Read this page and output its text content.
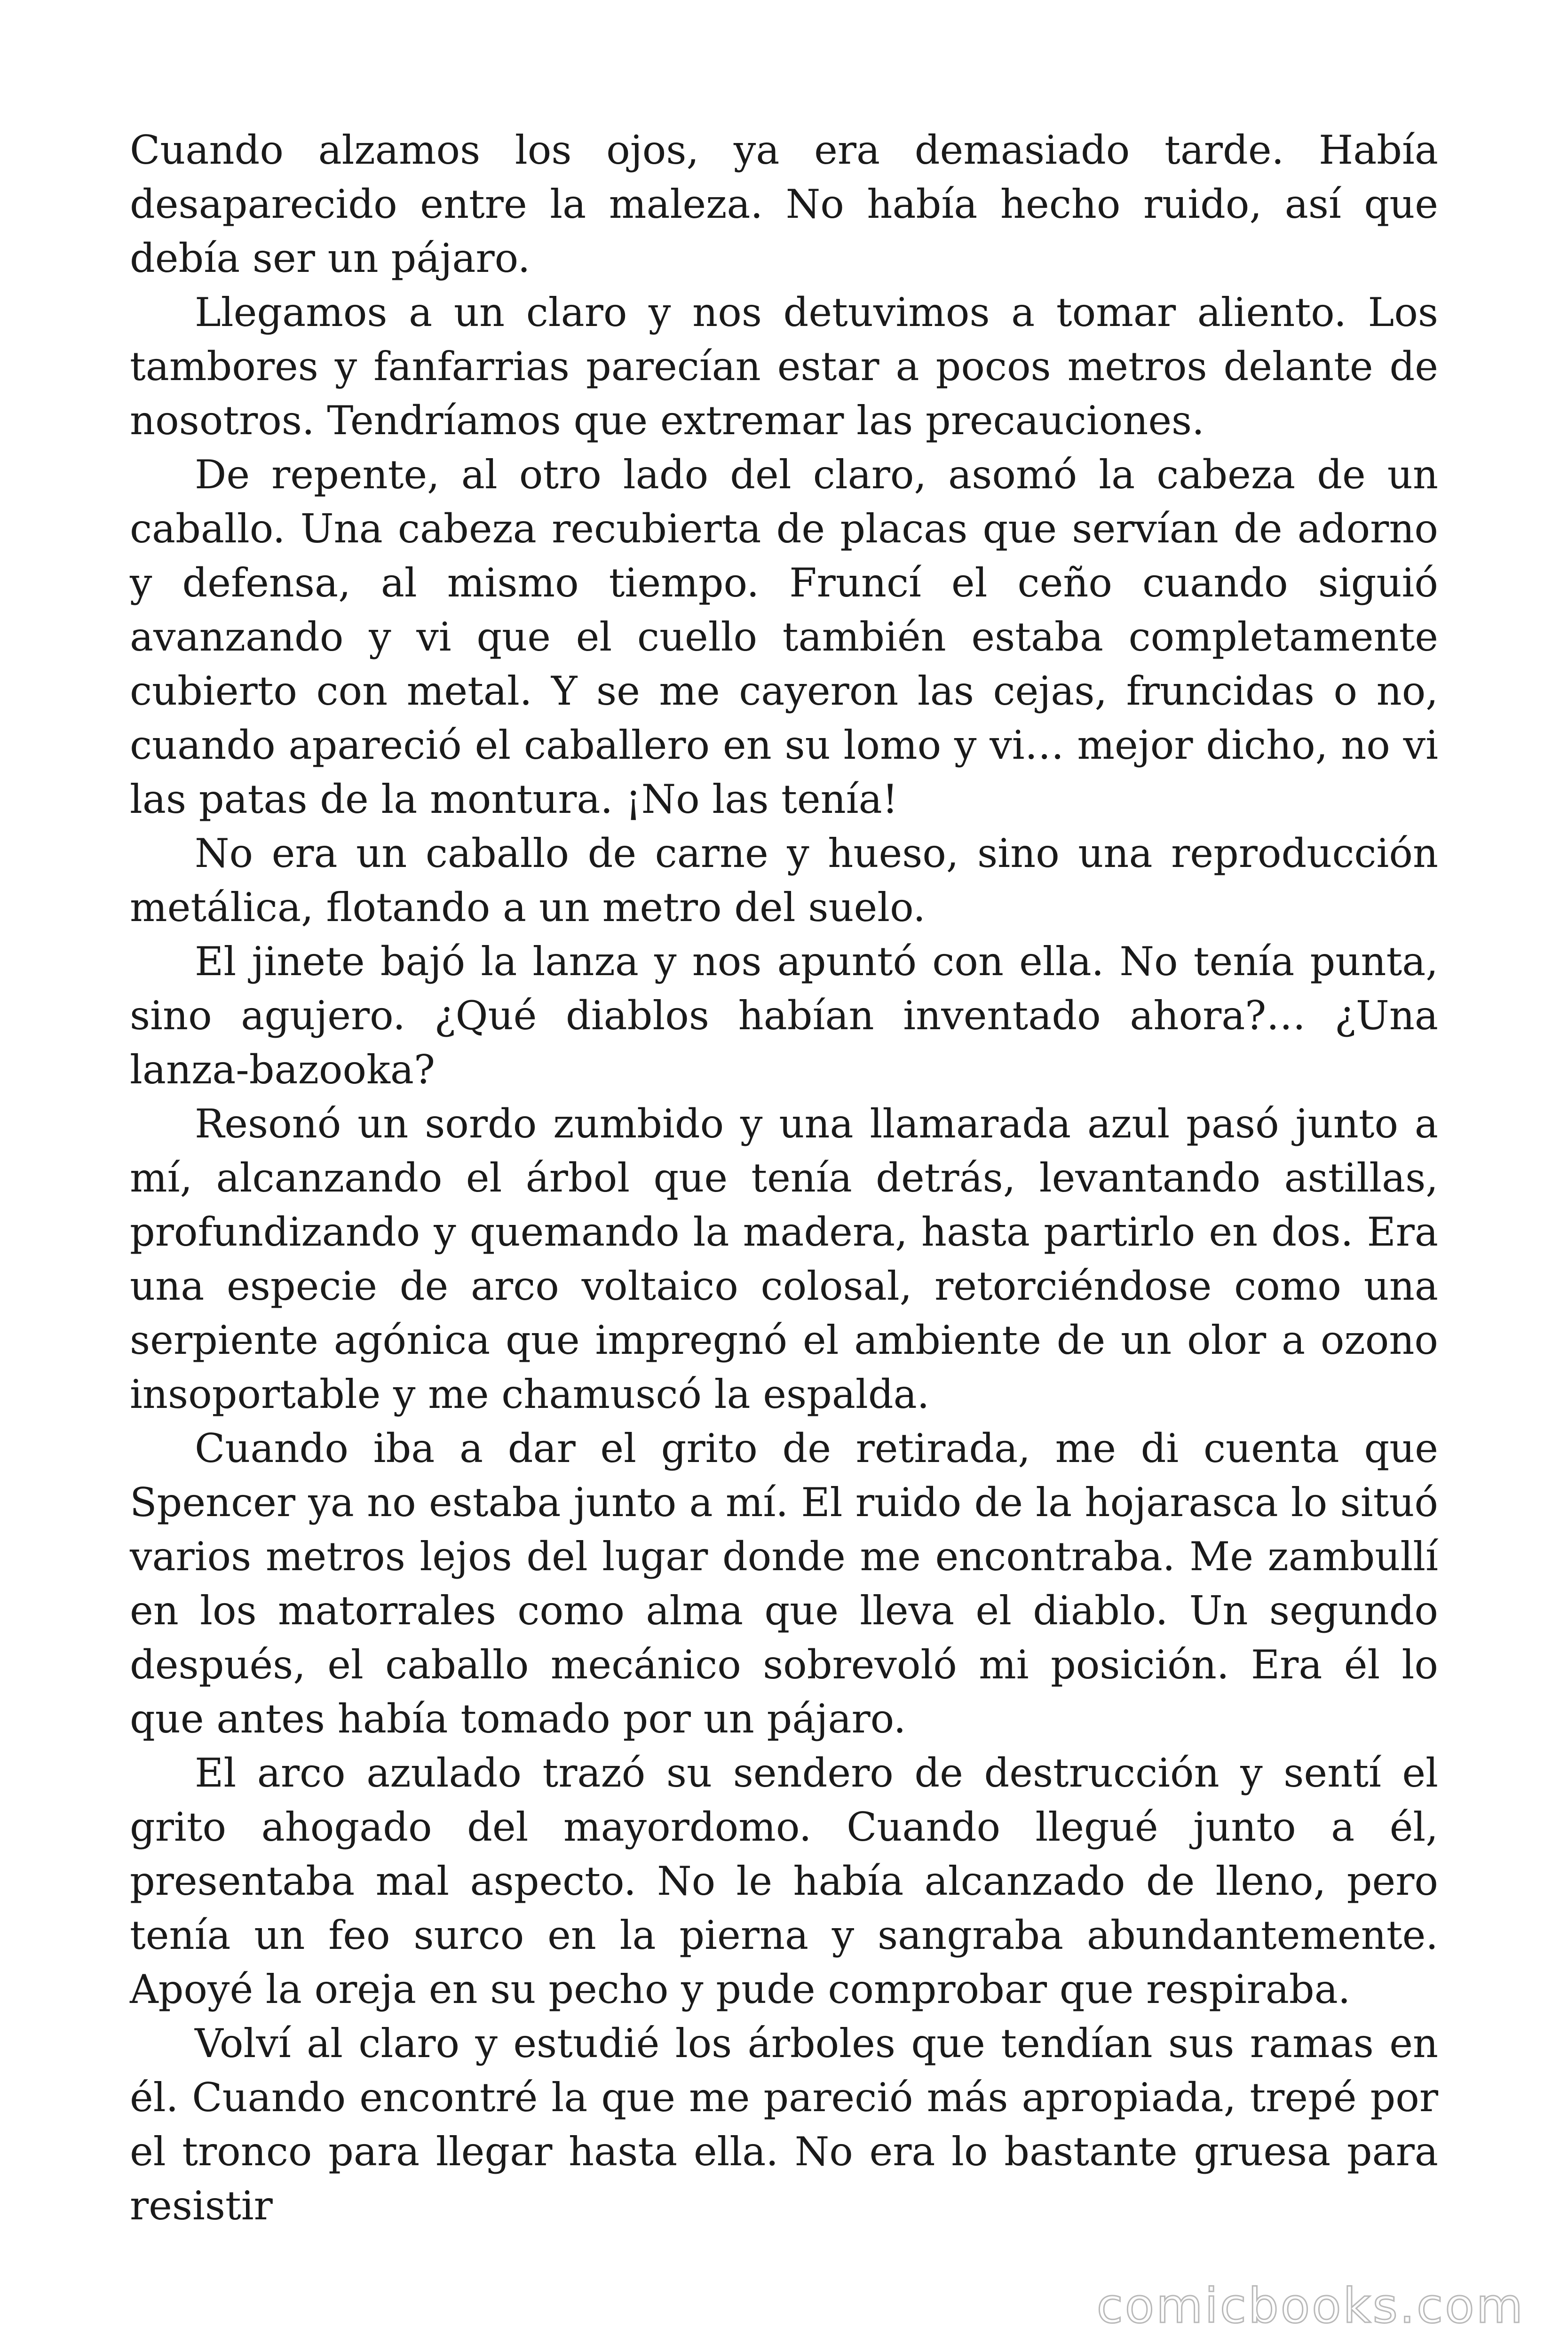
Cuando alzamos los ojos, ya era demasiado tarde. Había desaparecido entre la maleza. No había hecho ruido, así que debía ser un pájaro.

Llegamos a un claro y nos detuvimos a tomar aliento. Los tambores y fanfarrias parecían estar a pocos metros delante de nosotros. Tendríamos que extremar las precauciones.

De repente, al otro lado del claro, asomó la cabeza de un caballo. Una cabeza recubierta de placas que servían de adorno y defensa, al mismo tiempo. Fruncí el ceño cuando siguió avanzando y vi que el cuello también estaba completamente cubierto con metal. Y se me cayeron las cejas, fruncidas o no, cuando apareció el caballero en su lomo y vi… mejor dicho, no vi las patas de la montura. ¡No las tenía!

No era un caballo de carne y hueso, sino una reproducción metálica, flotando a un metro del suelo.

El jinete bajó la lanza y nos apuntó con ella. No tenía punta, sino agujero. ¿Qué diablos habían inventado ahora?… ¿Una lanza-bazooka?

Resonó un sordo zumbido y una llamarada azul pasó junto a mí, alcanzando el árbol que tenía detrás, levantando astillas, profundizando y quemando la madera, hasta partirlo en dos. Era una especie de arco voltaico colosal, retorciéndose como una serpiente agónica que impregnó el ambiente de un olor a ozono insoportable y me chamuscó la espalda.

Cuando iba a dar el grito de retirada, me di cuenta que Spencer ya no estaba junto a mí. El ruido de la hojarasca lo situó varios metros lejos del lugar donde me encontraba. Me zambullí en los matorrales como alma que lleva el diablo. Un segundo después, el caballo mecánico sobrevoló mi posición. Era él lo que antes había tomado por un pájaro.

El arco azulado trazó su sendero de destrucción y sentí el grito ahogado del mayordomo. Cuando llegué junto a él, presentaba mal aspecto. No le había alcanzado de lleno, pero tenía un feo surco en la pierna y sangraba abundantemente. Apoyé la oreja en su pecho y pude comprobar que respiraba.

Volví al claro y estudié los árboles que tendían sus ramas en él. Cuando encontré la que me pareció más apropiada, trepé por el tronco para llegar hasta ella. No era lo bastante gruesa para resistir

comicbooks.com
